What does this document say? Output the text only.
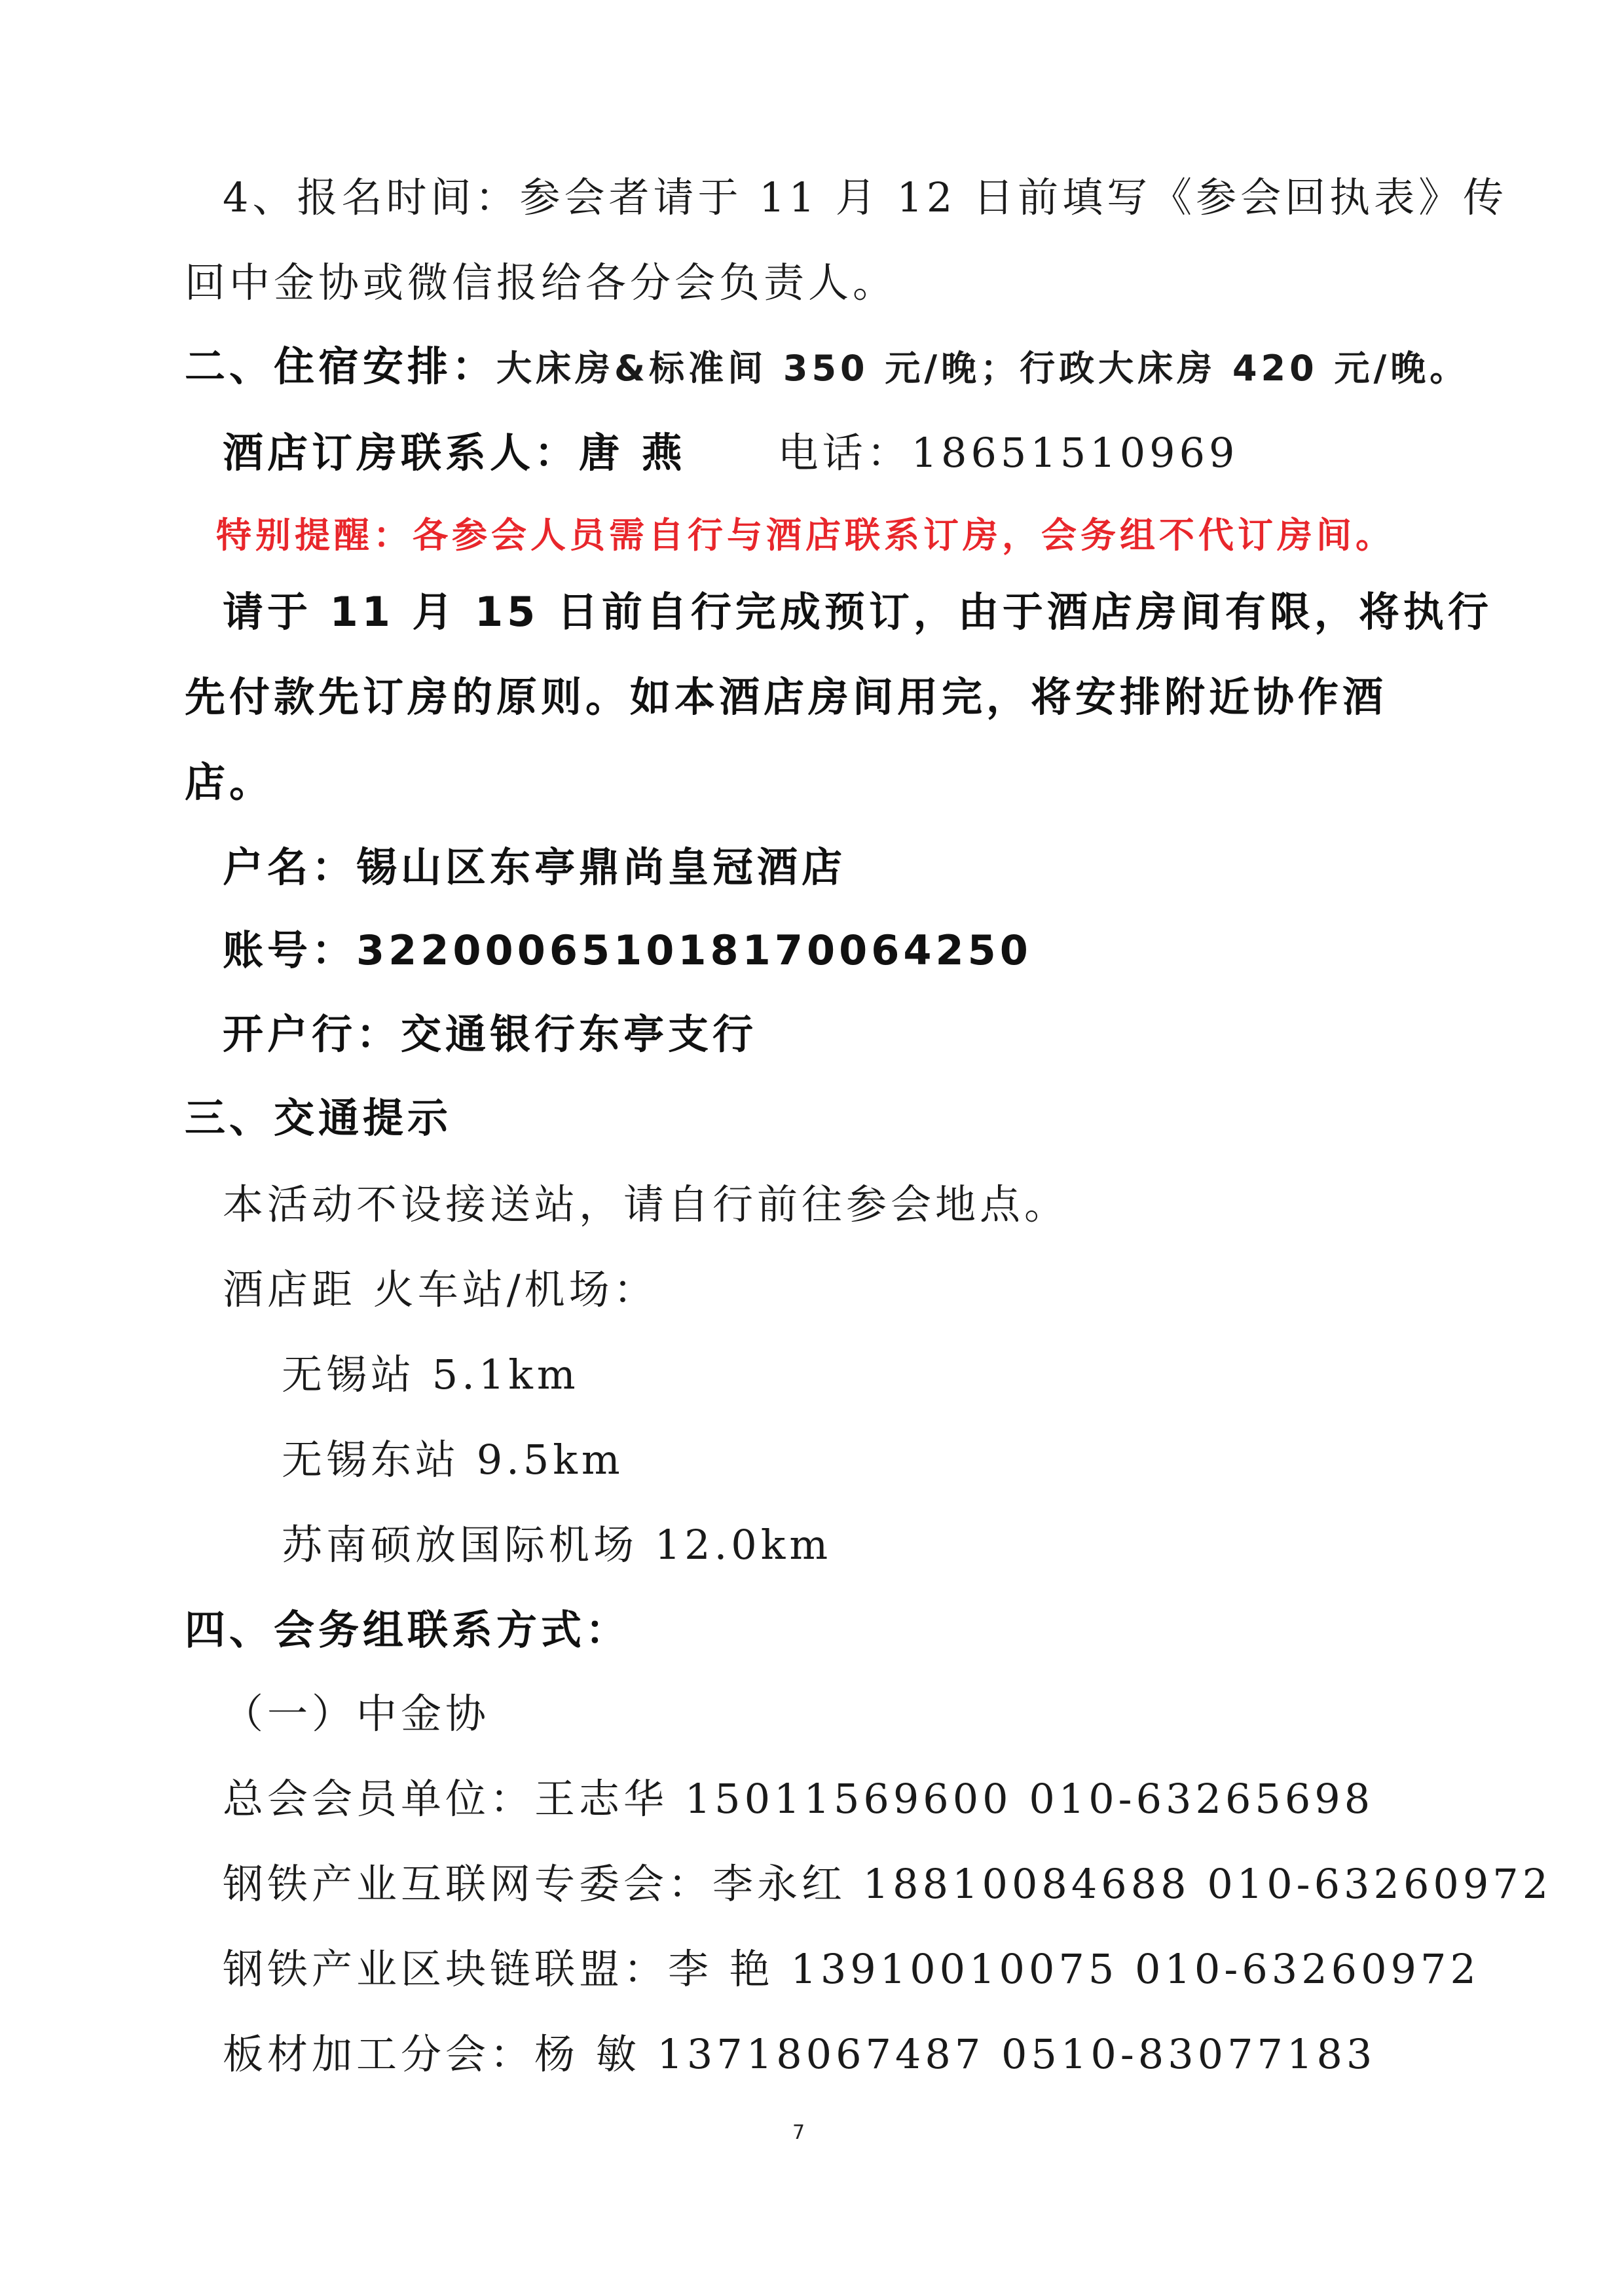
4、报名时间：参会者请于 11 月 12 日前填写《参会回执表》传
回中金协或微信报给各分会负责人。
二、住宿安排：大床房&标准间 350 元/晚；行政大床房 420 元/晚。
酒店订房联系人：唐 燕 电话：18651510969
特别提醒：各参会人员需自行与酒店联系订房，会务组不代订房间。
请于 11 月 15 日前自行完成预订，由于酒店房间有限，将执行
先付款先订房的原则。如本酒店房间用完，将安排附近协作酒
店。
户名：锡山区东亭鼎尚皇冠酒店
账号：322000651018170064250
开户行：交通银行东亭支行
三、交通提示
本活动不设接送站，请自行前往参会地点。
酒店距 火车站/机场：
无锡站 5.1km
无锡东站 9.5km
苏南硕放国际机场 12.0km
四、会务组联系方式：
（一）中金协
总会会员单位：王志华 15011569600 010-63265698
钢铁产业互联网专委会：李永红 18810084688 010-63260972
钢铁产业区块链联盟：李 艳 13910010075 010-63260972
板材加工分会：杨 敏 13718067487 0510-83077183
7
